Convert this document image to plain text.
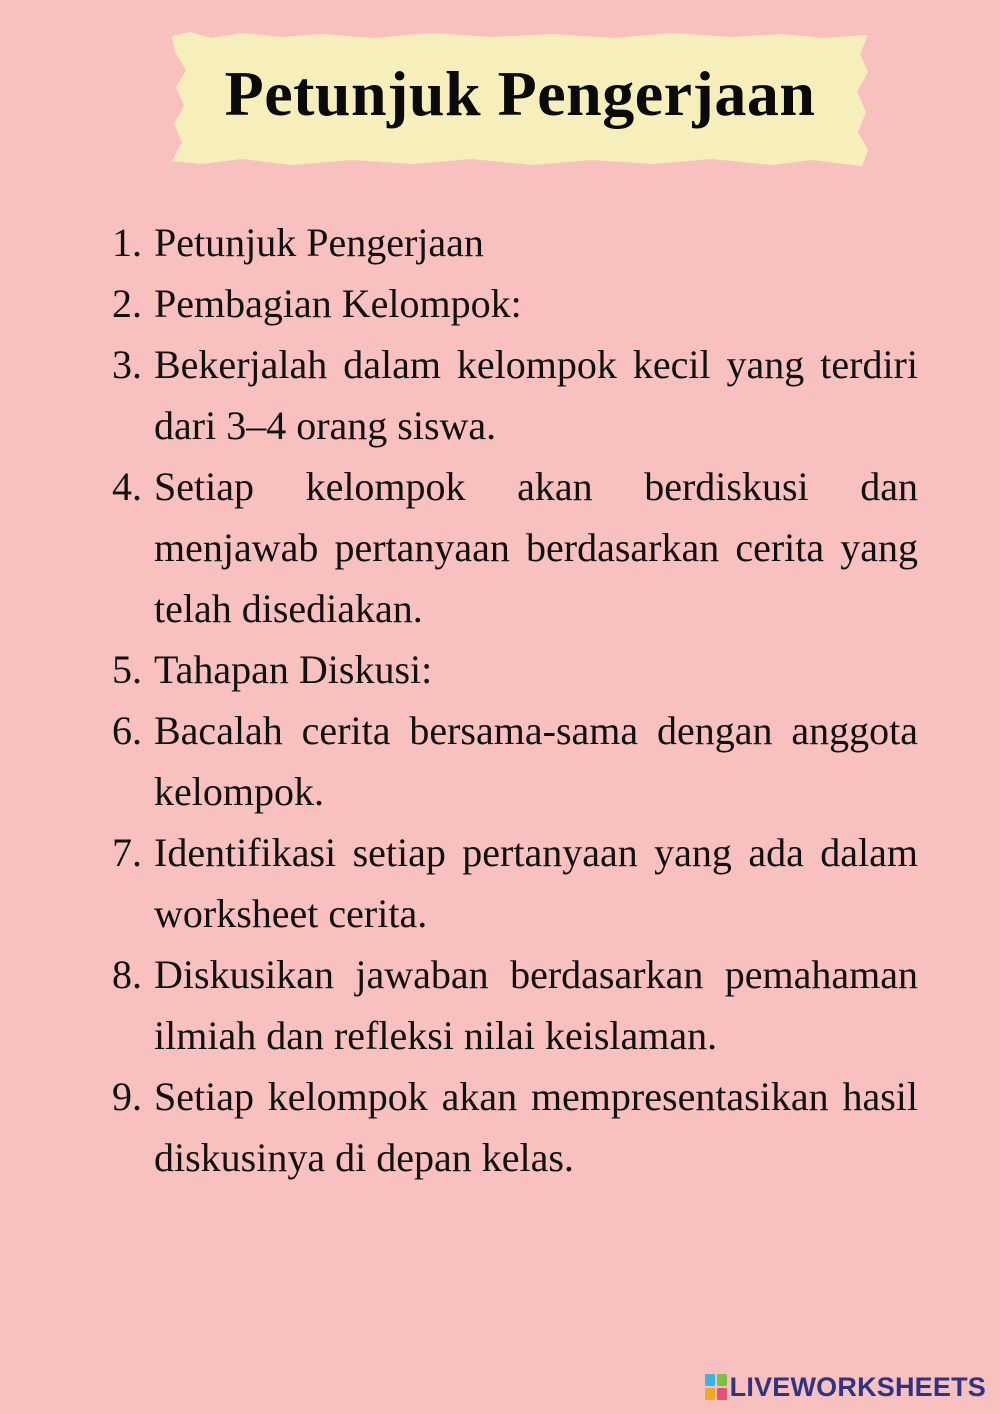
Petunjuk Pengerjaan
1. Petunjuk Pengerjaan
2. Pembagian Kelompok:
3. Bekerjalah dalam kelompok kecil yang terdiri dari 3–4 orang siswa.
4. Setiap kelompok akan berdiskusi dan menjawab pertanyaan berdasarkan cerita yang telah disediakan.
5. Tahapan Diskusi:
6. Bacalah cerita bersama-sama dengan anggota kelompok.
7. Identifikasi setiap pertanyaan yang ada dalam worksheet cerita.
8. Diskusikan jawaban berdasarkan pemahaman ilmiah dan refleksi nilai keislaman.
9. Setiap kelompok akan mempresentasikan hasil diskusinya di depan kelas.
LIVEWORKSHEETS
